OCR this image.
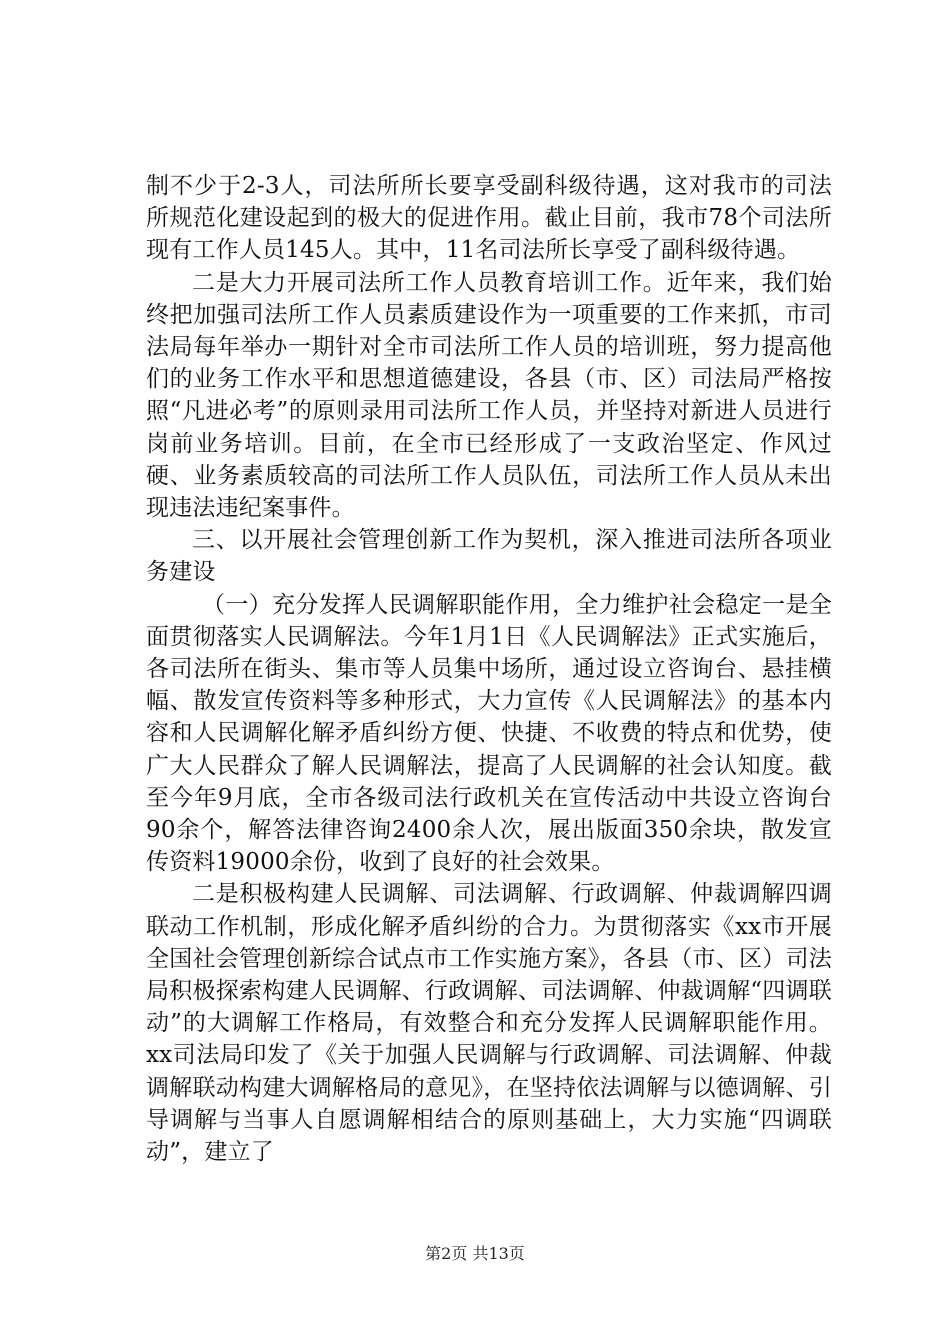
制不少于2-3人，司法所所长要享受副科级待遇，这对我市的司法所规范化建设起到的极大的促进作用。截止目前，我市78个司法所现有工作人员145人。其中，11名司法所长享受了副科级待遇。

二是大力开展司法所工作人员教育培训工作。近年来，我们始终把加强司法所工作人员素质建设作为一项重要的工作来抓，市司法局每年举办一期针对全市司法所工作人员的培训班，努力提高他们的业务工作水平和思想道德建设，各县（市、区）司法局严格按照“凡进必考”的原则录用司法所工作人员，并坚持对新进人员进行岗前业务培训。目前，在全市已经形成了一支政治坚定、作风过硬、业务素质较高的司法所工作人员队伍，司法所工作人员从未出现违法违纪案事件。

三、以开展社会管理创新工作为契机，深入推进司法所各项业务建设

（一）充分发挥人民调解职能作用，全力维护社会稳定一是全面贯彻落实人民调解法。今年1月1日《人民调解法》正式实施后，各司法所在街头、集市等人员集中场所，通过设立咨询台、悬挂横幅、散发宣传资料等多种形式，大力宣传《人民调解法》的基本内容和人民调解化解矛盾纠纷方便、快捷、不收费的特点和优势，使广大人民群众了解人民调解法，提高了人民调解的社会认知度。截至今年9月底，全市各级司法行政机关在宣传活动中共设立咨询台90余个，解答法律咨询2400余人次，展出版面350余块，散发宣传资料19000余份，收到了良好的社会效果。

二是积极构建人民调解、司法调解、行政调解、仲裁调解四调联动工作机制，形成化解矛盾纠纷的合力。为贯彻落实《xx市开展全国社会管理创新综合试点市工作实施方案》，各县（市、区）司法局积极探索构建人民调解、行政调解、司法调解、仲裁调解“四调联动”的大调解工作格局，有效整合和充分发挥人民调解职能作用。xx司法局印发了《关于加强人民调解与行政调解、司法调解、仲裁调解联动构建大调解格局的意见》，在坚持依法调解与以德调解、引导调解与当事人自愿调解相结合的原则基础上，大力实施“四调联动”，建立了

第2页 共13页
